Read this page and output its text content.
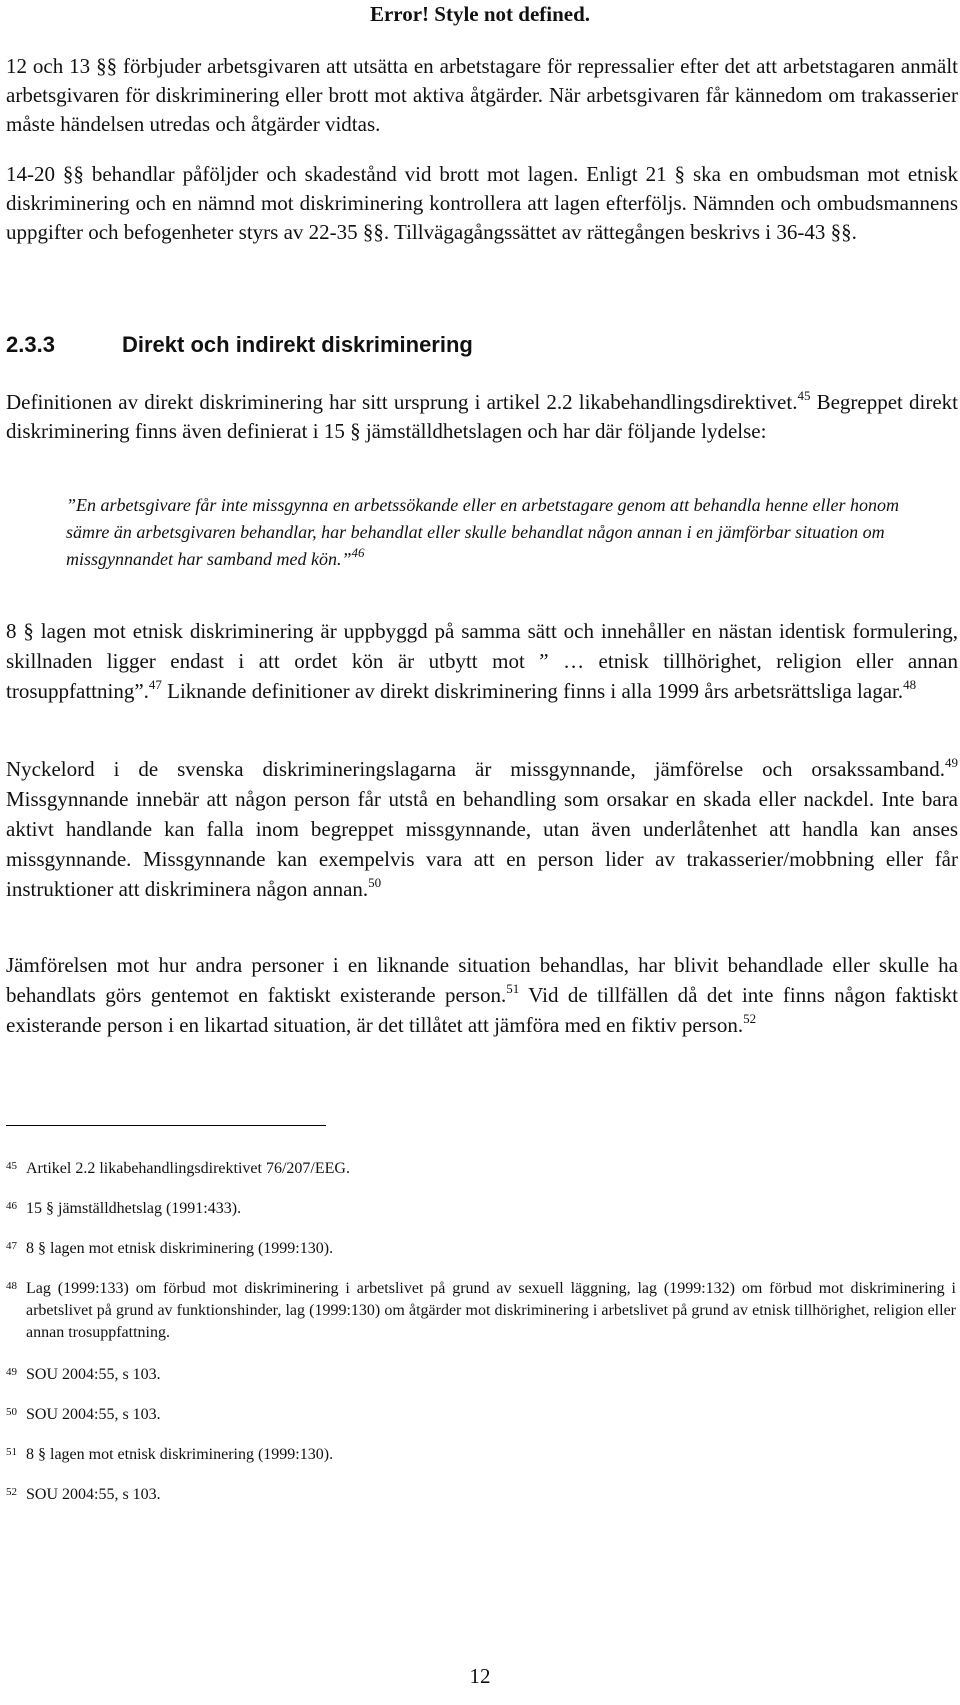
Error! Style not defined.

12 och 13 §§ förbjuder arbetsgivaren att utsätta en arbetstagare för repressalier efter det att arbetstagaren anmält arbetsgivaren för diskriminering eller brott mot aktiva åtgärder. När arbetsgivaren får kännedom om trakasserier måste händelsen utredas och åtgärder vidtas.

14-20 §§ behandlar påföljder och skadestånd vid brott mot lagen. Enligt 21 § ska en ombudsman mot etnisk diskriminering och en nämnd mot diskriminering kontrollera att lagen efterföljs. Nämnden och ombudsmannens uppgifter och befogenheter styrs av 22-35 §§. Tillvägagångssättet av rättegången beskrivs i 36-43 §§.

2.3.3	Direkt och indirekt diskriminering

Definitionen av direkt diskriminering har sitt ursprung i artikel 2.2 likabehandlingsdirektivet.$^{45}$ Begreppet direkt diskriminering finns även definierat i 15 § jämställdhetslagen och har där följande lydelse:

”En arbetsgivare får inte missgynna en arbetssökande eller en arbetstagare genom att behandla henne eller honom sämre än arbetsgivaren behandlar, har behandlat eller skulle behandlat någon annan i en jämförbar situation om missgynnandet har samband med kön.”$^{46}$

8 § lagen mot etnisk diskriminering är uppbyggd på samma sätt och innehåller en nästan identisk formulering, skillnaden ligger endast i att ordet kön är utbytt mot ” … etnisk tillhörighet, religion eller annan trosuppfattning”.$^{47}$ Liknande definitioner av direkt diskriminering finns i alla 1999 års arbetsrättsliga lagar.$^{48}$

Nyckelord i de svenska diskrimineringslagarna är missgynnande, jämförelse och orsakssamband.$^{49}$ Missgynnande innebär att någon person får utstå en behandling som orsakar en skada eller nackdel. Inte bara aktivt handlande kan falla inom begreppet missgynnande, utan även underlåtenhet att handla kan anses missgynnande. Missgynnande kan exempelvis vara att en person lider av trakasserier/mobbning eller får instruktioner att diskriminera någon annan.$^{50}$

Jämförelsen mot hur andra personer i en liknande situation behandlas, har blivit behandlade eller skulle ha behandlats görs gentemot en faktiskt existerande person.$^{51}$ Vid de tillfällen då det inte finns någon faktiskt existerande person i en likartad situation, är det tillåtet att jämföra med en fiktiv person.$^{52}$

45 Artikel 2.2 likabehandlingsdirektivet 76/207/EEG.

46 15 § jämställdhetslag (1991:433).

47 8 § lagen mot etnisk diskriminering (1999:130).

48 Lag (1999:133) om förbud mot diskriminering i arbetslivet på grund av sexuell läggning, lag (1999:132) om förbud mot diskriminering i arbetslivet på grund av funktionshinder, lag (1999:130) om åtgärder mot diskriminering i arbetslivet på grund av etnisk tillhörighet, religion eller annan trosuppfattning.

49 SOU 2004:55, s 103.

50 SOU 2004:55, s 103.

51 8 § lagen mot etnisk diskriminering (1999:130).

52 SOU 2004:55, s 103.

12
